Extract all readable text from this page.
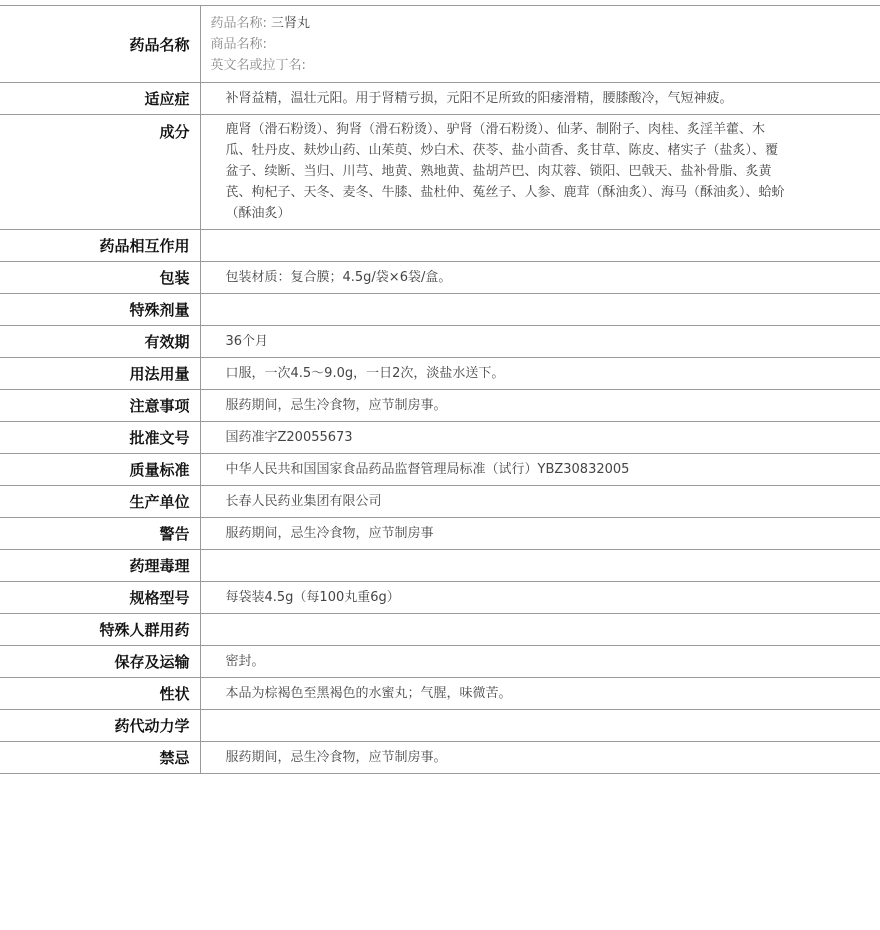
药品名称	药品名称: 三肾丸
商品名称:
英文名或拉丁名:

适应症	补肾益精，温壮元阳。用于肾精亏损，元阳不足所致的阳痿滑精，腰膝酸冷，气短神疲。
成分	鹿肾（滑石粉烫）、狗肾（滑石粉烫）、驴肾（滑石粉烫）、仙茅、制附子、肉桂、炙淫羊藿、木瓜、牡丹皮、麸炒山药、山茱萸、炒白术、茯苓、盐小茴香、炙甘草、陈皮、楮实子（盐炙）、覆盆子、续断、当归、川芎、地黄、熟地黄、盐胡芦巴、肉苁蓉、锁阳、巴戟天、盐补骨脂、炙黄芪、枸杞子、天冬、麦冬、牛膝、盐杜仲、菟丝子、人参、鹿茸（酥油炙）、海马（酥油炙）、蛤蚧（酥油炙）
药品相互作用	
包装	包装材质：复合膜；4.5g/袋×6袋/盒。
特殊剂量	
有效期	36个月
用法用量	口服，一次4.5～9.0g，一日2次，淡盐水送下。
注意事项	服药期间，忌生冷食物，应节制房事。
批准文号	国药准字Z20055673
质量标准	中华人民共和国国家食品药品监督管理局标准（试行）YBZ30832005
生产单位	长春人民药业集团有限公司
警告	服药期间，忌生冷食物，应节制房事
药理毒理	
规格型号	每袋装4.5g（每100丸重6g）
特殊人群用药	
保存及运输	密封。
性状	本品为棕褐色至黑褐色的水蜜丸；气腥，味微苦。
药代动力学	
禁忌	服药期间，忌生冷食物，应节制房事。
